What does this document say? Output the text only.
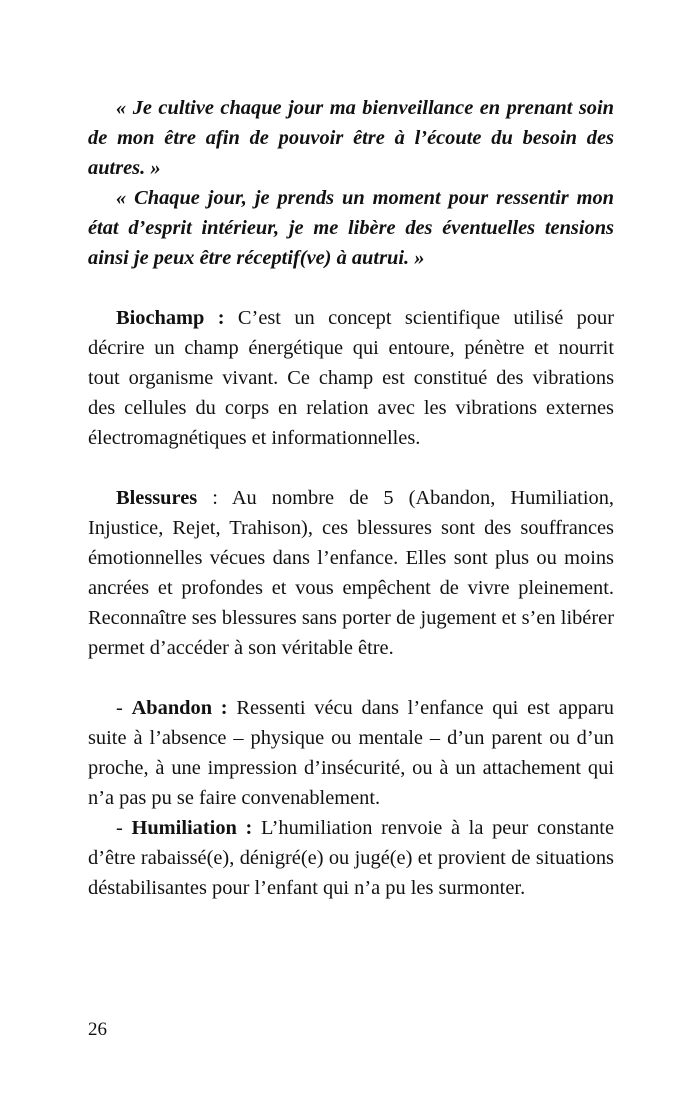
« Je cultive chaque jour ma bienveillance en prenant soin de mon être afin de pouvoir être à l’écoute du besoin des autres. »

« Chaque jour, je prends un moment pour ressentir mon état d’esprit intérieur, je me libère des éventuelles tensions ainsi je peux être réceptif(ve) à autrui. »

Biochamp : C’est un concept scientifique utilisé pour décrire un champ énergétique qui entoure, pénètre et nourrit tout organisme vivant. Ce champ est constitué des vibrations des cellules du corps en relation avec les vibrations externes électromagnétiques et informationnelles.

Blessures : Au nombre de 5 (Abandon, Humiliation, Injustice, Rejet, Trahison), ces blessures sont des souffrances émotionnelles vécues dans l’enfance. Elles sont plus ou moins ancrées et profondes et vous empêchent de vivre pleinement. Reconnaître ses blessures sans porter de jugement et s’en libérer permet d’accéder à son véritable être.

- Abandon : Ressenti vécu dans l’enfance qui est apparu suite à l’absence – physique ou mentale – d’un parent ou d’un proche, à une impression d’insécurité, ou à un attachement qui n’a pas pu se faire convenablement.

- Humiliation : L’humiliation renvoie à la peur constante d’être rabaissé(e), dénigré(e) ou jugé(e) et provient de situations déstabilisantes pour l’enfant qui n’a pu les surmonter.

26
